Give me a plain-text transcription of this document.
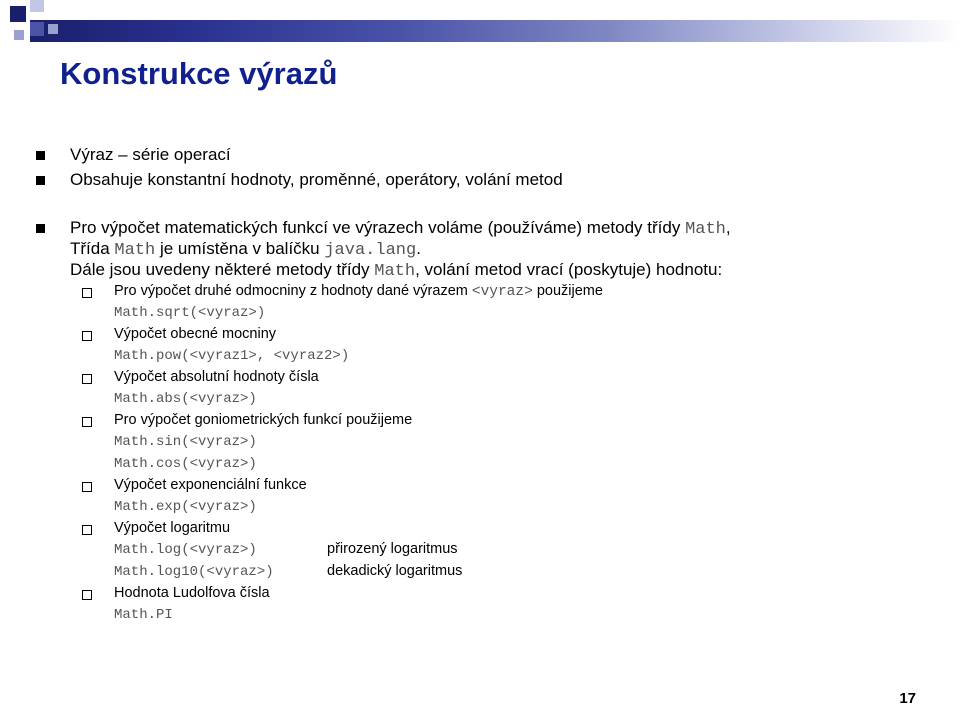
Konstrukce výrazů
Výraz – série operací
Obsahuje konstantní hodnoty, proměnné, operátory, volání metod
Pro výpočet matematických funkcí ve výrazech voláme (používáme) metody třídy Math,
Třída Math je umístěna v balíčku java.lang.
Dále jsou uvedeny některé metody třídy Math, volání metod vrací (poskytuje) hodnotu:
Pro výpočet druhé odmocniny z hodnoty dané výrazem <vyraz> použijeme
Math.sqrt(<vyraz>)
Výpočet obecné mocniny
Math.pow(<vyraz1>, <vyraz2>)
Výpočet absolutní hodnoty čísla
Math.abs(<vyraz>)
Pro výpočet goniometrických funkcí použijeme
Math.sin(<vyraz>)
Math.cos(<vyraz>)
Výpočet exponenciální funkce
Math.exp(<vyraz>)
Výpočet logaritmu
Math.log(<vyraz>)	přirozený logaritmus
Math.log10(<vyraz>)	dekadický logaritmus
Hodnota Ludolfova čísla
Math.PI
17
